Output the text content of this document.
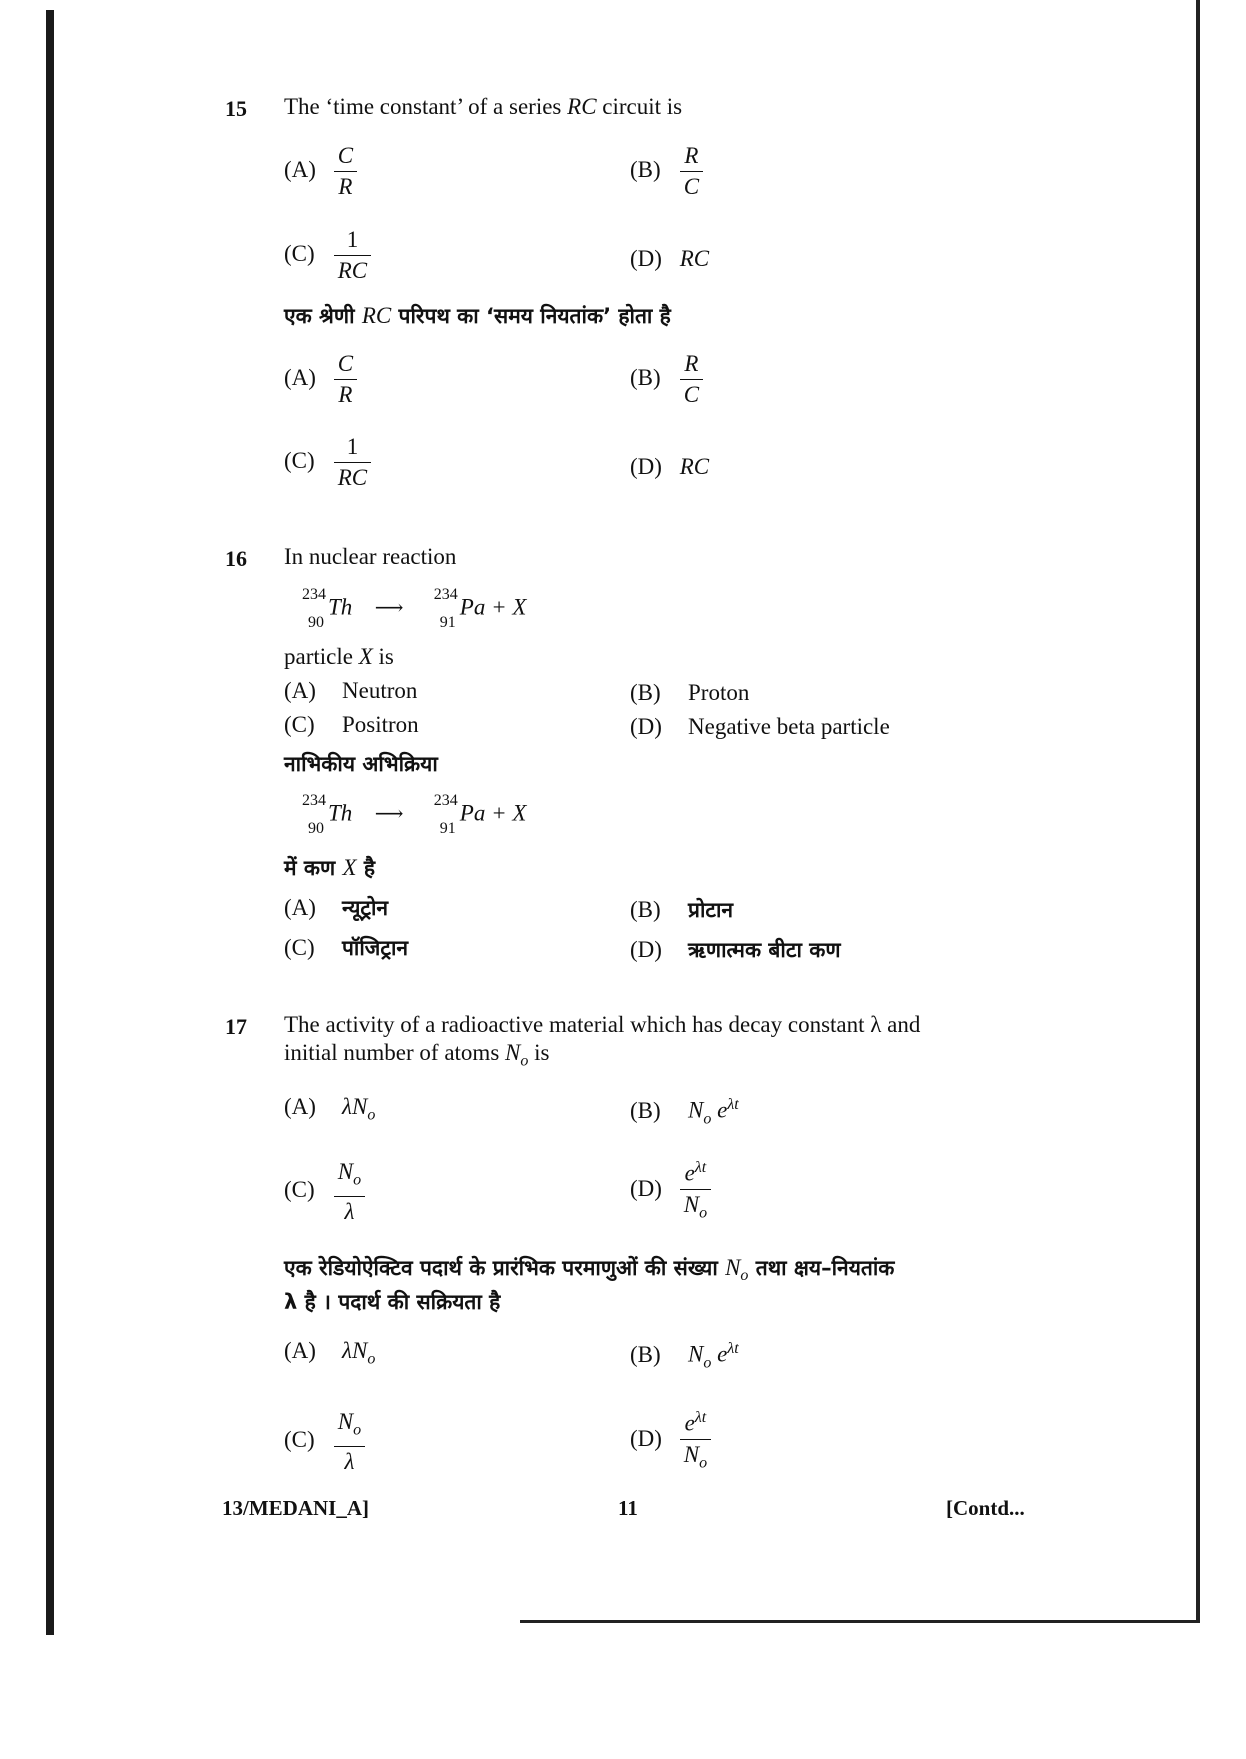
15 The ‘time constant’ of a series RC circuit is
$(A) \frac{C}{R}$	$(B) \frac{R}{C}$
$(C) \frac{1}{RC}$	(D) RC
एक श्रेणी RC परिपथ का ‘समय नियतांक’ होता है
$(A) \frac{C}{R}$	$(B) \frac{R}{C}$
$(C) \frac{1}{RC}$	(D) RC
16 In nuclear reaction
234
90
Th ⟶
234
91
Pa + X
particle X is
(A) Neutron	(B) Proton
(C) Positron	(D) Negative beta particle
नाभिकीय अभिक्रिया
234
90
Th ⟶
234
91
Pa + X
में कण X है
(A) न्यूट्रोन	(B) प्रोटान
(C) पॉजिट्रान	(D) ऋणात्मक बीटा कण
17 The activity of a radioactive material which has decay constant λ and
initial number of atoms $N_o$ is
(A) $\lambda N_o$	(B) $N_o$ $e^{\lambda t}$
$(C) \frac{N_o}{\lambda}$	$(D) \frac{e^{\lambda t}}{N_o}$
एक रेडियोऐक्टिव पदार्थ के प्रारंभिक परमाणुओं की संख्या $N_o$ तथा क्षय–नियतांक
λ है । पदार्थ की सक्रियता है
(A) $\lambda N_o$	(B) $N_o$ $e^{\lambda t}$
$(C) \frac{N_o}{\lambda}$	$(D) \frac{e^{\lambda t}}{N_o}$
13/MEDANI_A]	11	[Contd...
